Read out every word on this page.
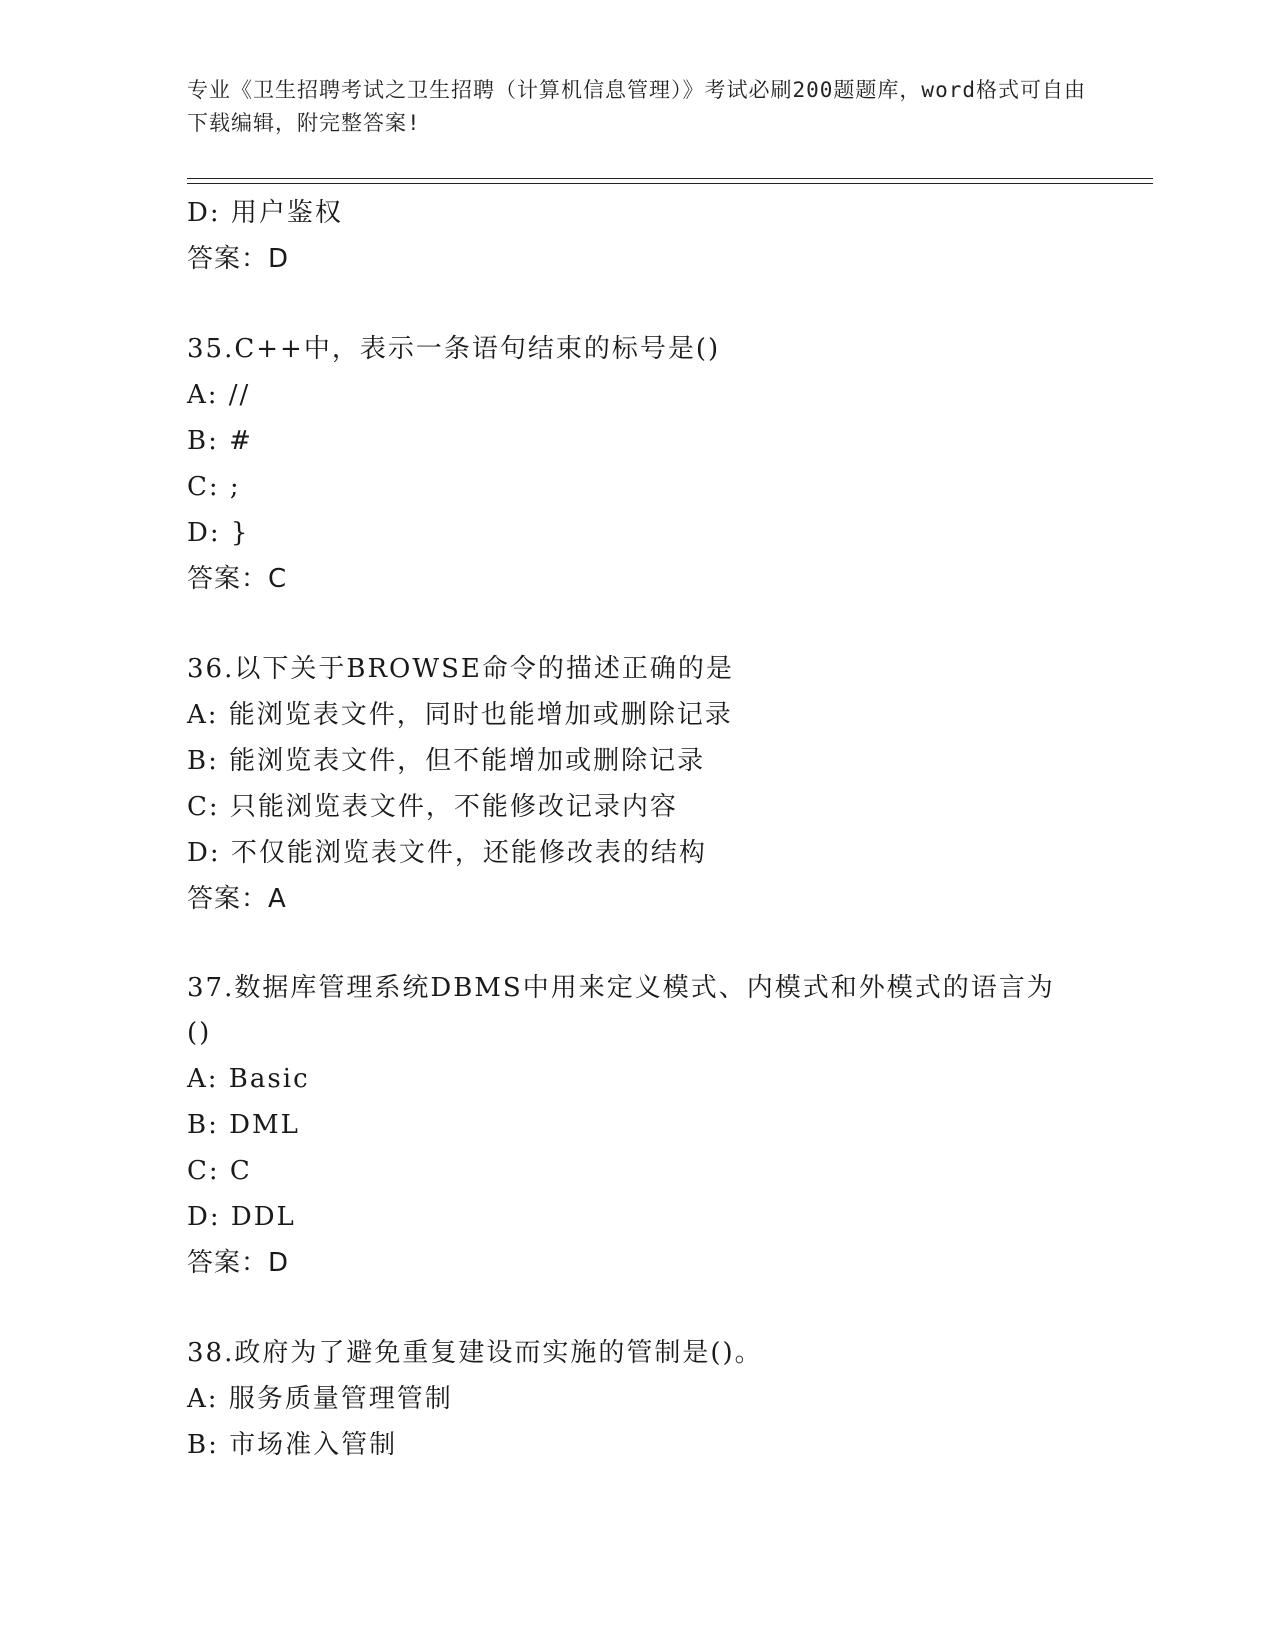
专业《卫生招聘考试之卫生招聘（计算机信息管理）》考试必刷200题题库，word格式可自由下载编辑，附完整答案!
D: 用户鉴权
答案：D
35.C++中，表示一条语句结束的标号是()
A: //
B: #
C: ;
D: }
答案：C
36.以下关于BROWSE命令的描述正确的是
A: 能浏览表文件，同时也能增加或删除记录
B: 能浏览表文件，但不能增加或删除记录
C: 只能浏览表文件，不能修改记录内容
D: 不仅能浏览表文件，还能修改表的结构
答案：A
37.数据库管理系统DBMS中用来定义模式、内模式和外模式的语言为()
A: Basic
B: DML
C: C
D: DDL
答案：D
38.政府为了避免重复建设而实施的管制是()。
A: 服务质量管理管制
B: 市场准入管制
